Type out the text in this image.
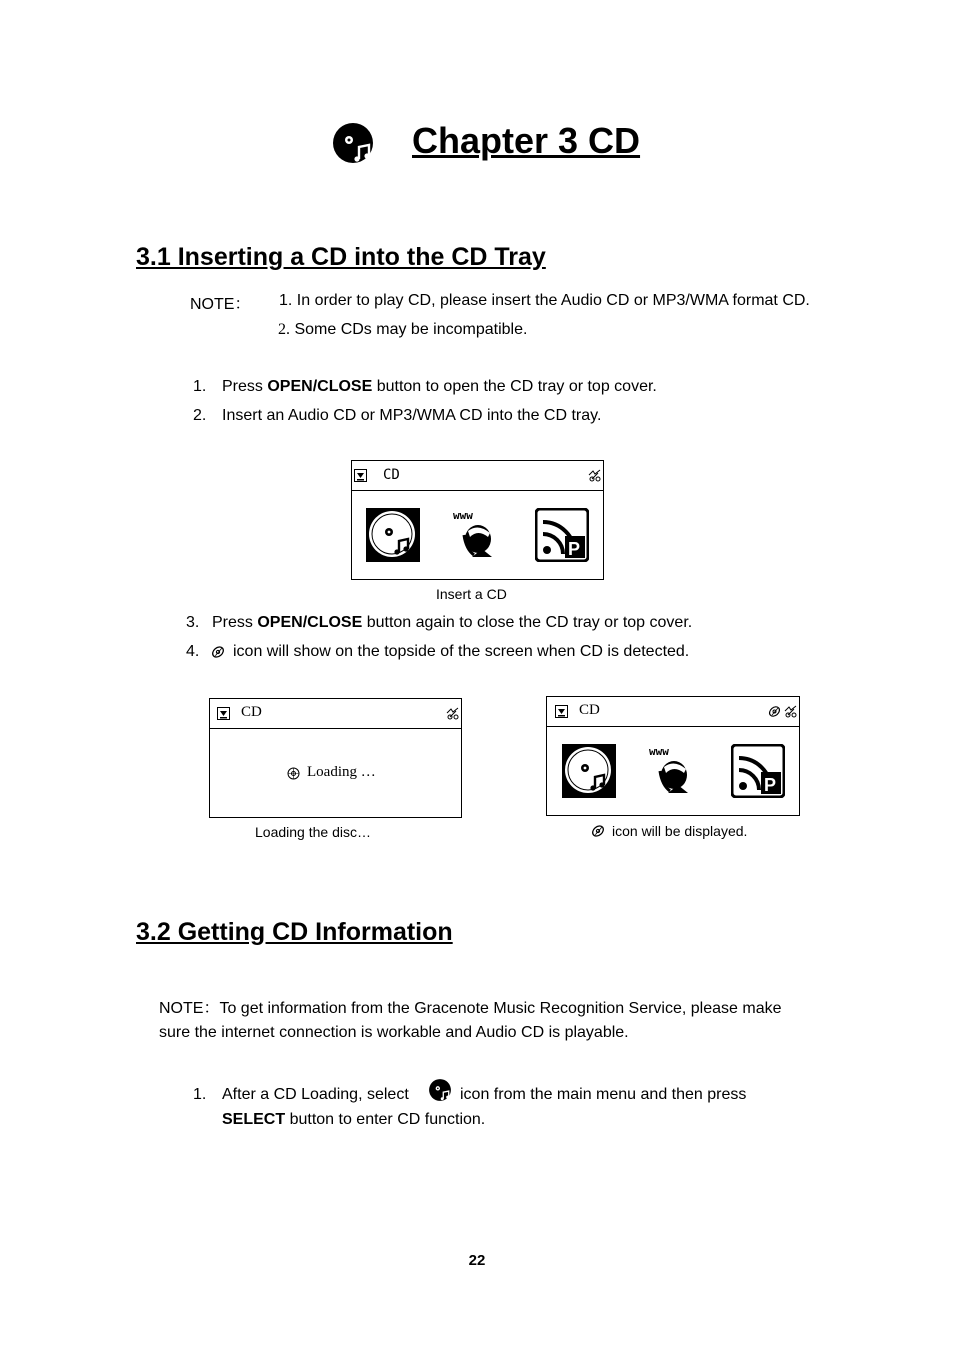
Chapter 3 CD
3.1 Inserting a CD into the CD Tray
NOTE： 1. In order to play CD, please insert the Audio CD or MP3/WMA format CD.
2. Some CDs may be incompatible.
1. Press OPEN/CLOSE button to open the CD tray or top cover.
2. Insert an Audio CD or MP3/WMA CD into the CD tray.
CD
Insert a CD
3. Press OPEN/CLOSE button again to close the CD tray or top cover.
4. icon will show on the topside of the screen when CD is detected.
CD
Loading …
Loading the disc…
CD
icon will be displayed.
3.2 Getting CD Information
NOTE：To get information from the Gracenote Music Recognition Service, please make
sure the internet connection is workable and Audio CD is playable.
1. After a CD Loading, select	icon from the main menu and then press
SELECT button to enter CD function.
22
